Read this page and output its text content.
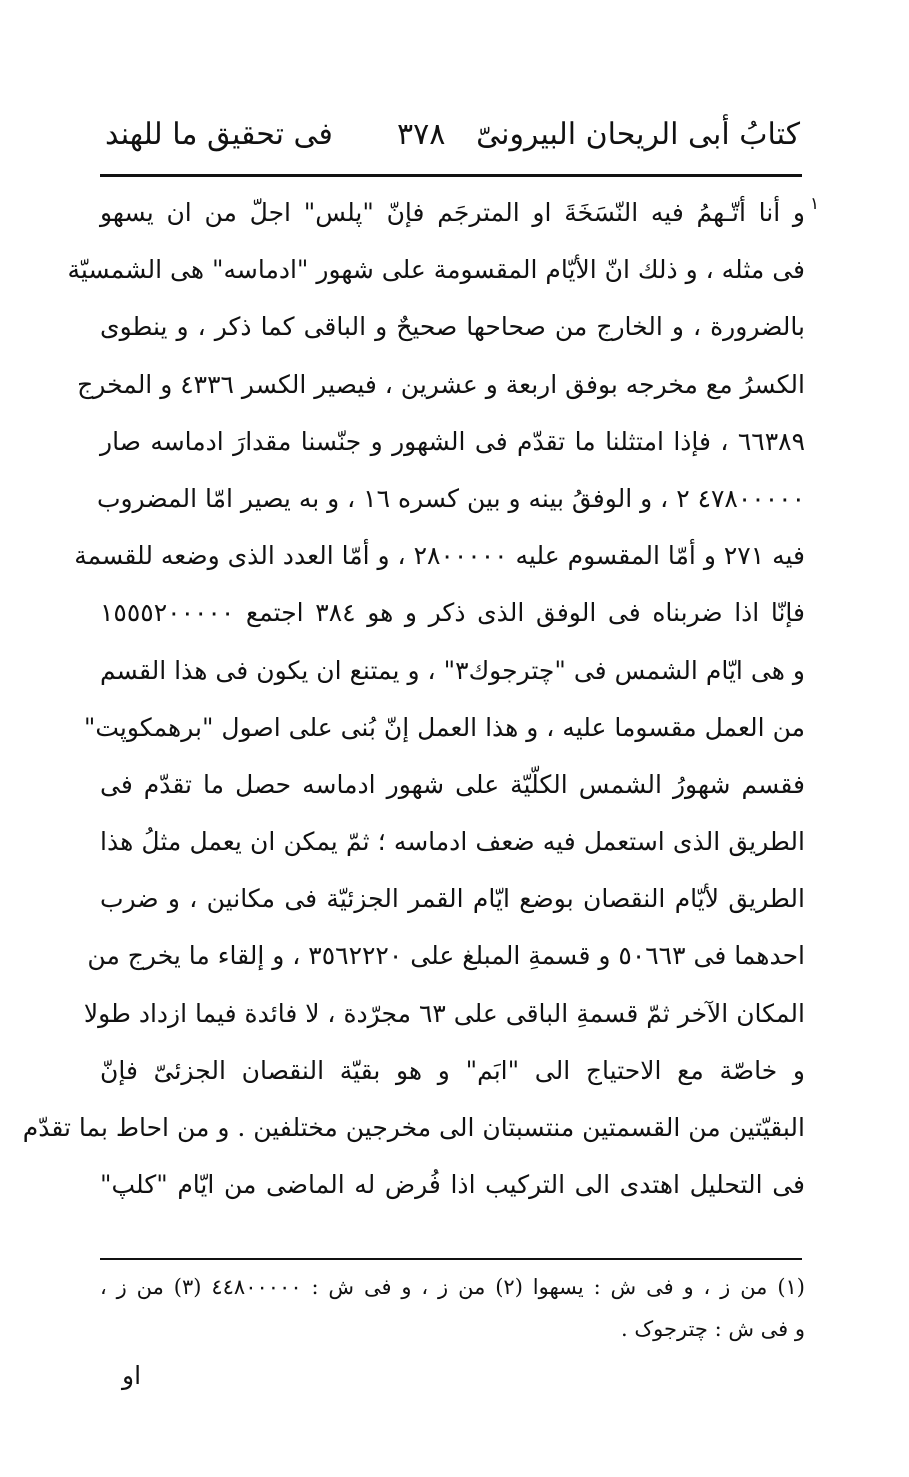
كتابُ أبى الريحان البيرونىّ
٣٧٨
فى تحقيق ما للهند
١
و أنا أتّـهمُ فيه النّسَخَةَ او المترجَم فإنّ "پلس" اجلّ من ان يسهو
فى مثله ، و ذلك انّ الأيّام المقسومة على شهور "ادماسه" هى الشمسيّة
بالضرورة ، و الخارج من صحاحها صحيحٌ و الباقى كما ذكر ، و ينطوى
الكسرُ مع مخرجه بوفق اربعة و عشرين ، فيصير الكسر ٤٣٣٦ و المخرج
٦٦٣٨٩ ، فإذا امتثلنا ما تقدّم فى الشهور و جنّسنا مقدارَ ادماسه صار
٤٧٨٠٠٠٠٠ ٢ ، و الوفقُ بينه و بين كسره ١٦ ، و به يصير امّا المضروب
فيه ٢٧١ و أمّا المقسوم عليه ٢٨٠٠٠٠٠ ، و أمّا العدد الذى وضعه للقسمة
فإنّا اذا ضربناه فى الوفق الذى ذكر و هو ٣٨٤ اجتمع ١٥٥٥٢٠٠٠٠٠
و هى ايّام الشمس فى "چترجوك٣" ، و يمتنع ان يكون فى هذا القسم
من العمل مقسوما عليه ، و هذا العمل إنّ بُنى على اصول "برهمكوپت"
فقسم شهورُ الشمس الكلّيّة على شهور ادماسه حصل ما تقدّم فى
الطريق الذى استعمل فيه ضعف ادماسه ؛ ثمّ يمكن ان يعمل مثلُ هذا
الطريق لأيّام النقصان بوضع ايّام القمر الجزئيّة فى مكانين ، و ضرب
احدهما فى ٥٠٦٦٣ و قسمةِ المبلغ على ٣٥٦٢٢٢٠ ، و إلقاء ما يخرج من
المكان الآخر ثمّ قسمةِ الباقى على ٦٣ مجرّدة ، لا فائدة فيما ازداد طولا
و خاصّة مع الاحتياج الى "ابَم" و هو بقيّة النقصان الجزئىّ فإنّ
البقيّتين من القسمتين منتسبتان الى مخرجين مختلفين . و من احاط بما تقدّم
فى التحليل اهتدى الى التركيب اذا فُرض له الماضى من ايّام "كلپ"
(١) من ز ، و فى ش : يسهوا (٢) من ز ، و فى ش : ٤٤٨٠٠٠٠٠ (٣) من ز ،
و فى ش : چترجوک .
او
